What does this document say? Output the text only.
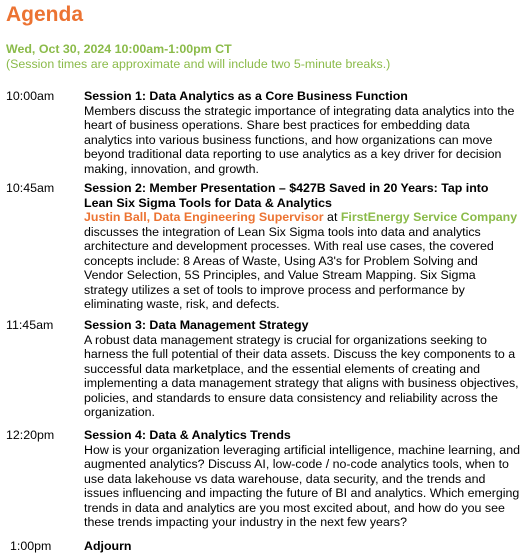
Agenda
Wed, Oct 30, 2024 10:00am-1:00pm CT
(Session times are approximate and will include two 5-minute breaks.)
10:00am Session 1: Data Analytics as a Core Business Function
Members discuss the strategic importance of integrating data analytics into the heart of business operations. Share best practices for embedding data analytics into various business functions, and how organizations can move beyond traditional data reporting to use analytics as a key driver for decision making, innovation, and growth.
10:45am Session 2: Member Presentation – $427B Saved in 20 Years: Tap into Lean Six Sigma Tools for Data & Analytics
Justin Ball, Data Engineering Supervisor at FirstEnergy Service Company discusses the integration of Lean Six Sigma tools into data and analytics architecture and development processes. With real use cases, the covered concepts include: 8 Areas of Waste, Using A3's for Problem Solving and Vendor Selection, 5S Principles, and Value Stream Mapping. Six Sigma strategy utilizes a set of tools to improve process and performance by eliminating waste, risk, and defects.
11:45am Session 3: Data Management Strategy
A robust data management strategy is crucial for organizations seeking to harness the full potential of their data assets. Discuss the key components to a successful data marketplace, and the essential elements of creating and implementing a data management strategy that aligns with business objectives, policies, and standards to ensure data consistency and reliability across the organization.
12:20pm Session 4: Data & Analytics Trends
How is your organization leveraging artificial intelligence, machine learning, and augmented analytics? Discuss AI, low-code / no-code analytics tools, when to use data lakehouse vs data warehouse, data security, and the trends and issues influencing and impacting the future of BI and analytics. Which emerging trends in data and analytics are you most excited about, and how do you see these trends impacting your industry in the next few years?
1:00pm	Adjourn
